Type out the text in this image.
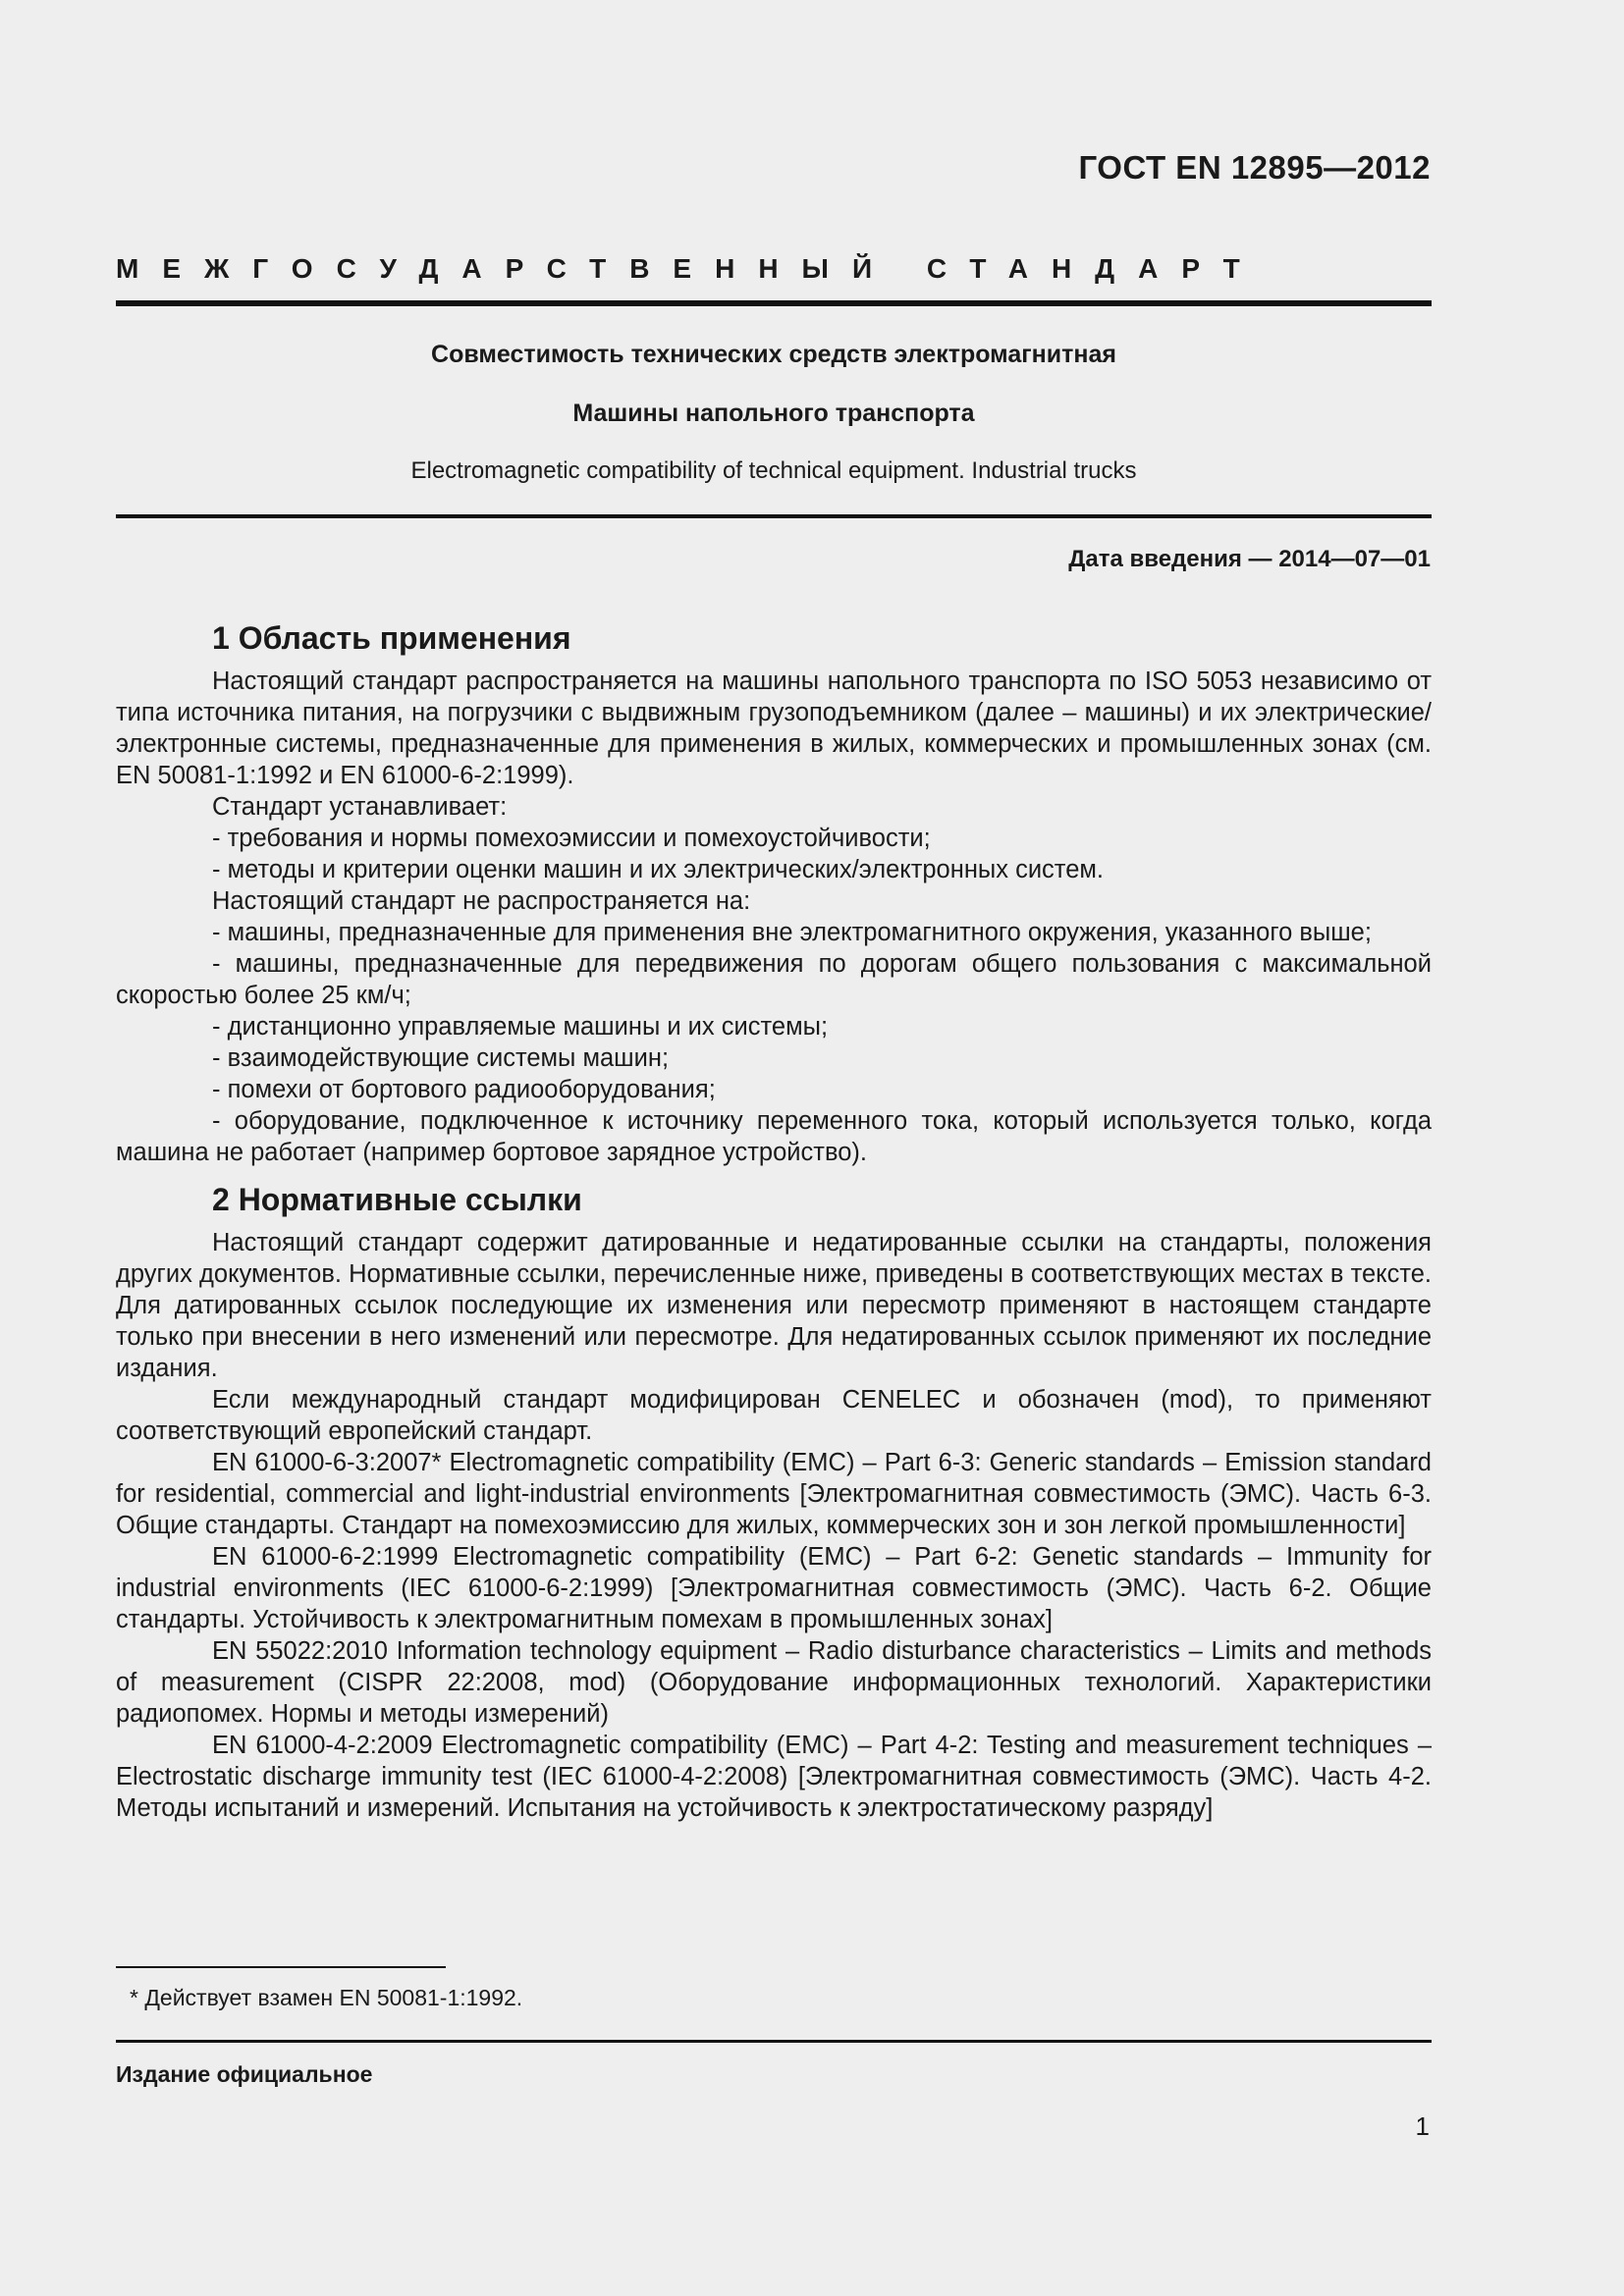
ГОСТ EN 12895—2012
МЕЖГОСУДАРСТВЕННЫЙ СТАНДАРТ

Совместимость технических средств электромагнитная

Машины напольного транспорта

Electromagnetic compatibility of technical equipment. Industrial trucks
Дата введения — 2014—07—01
1 Область применения

Настоящий стандарт распространяется на машины напольного транспорта по ISO 5053 независимо от типа источника питания, на погрузчики с выдвижным грузоподъемником (далее – машины) и их электрические/электронные системы, предназначенные для применения в жилых, коммерческих и промышленных зонах (см. EN 50081-1:1992 и EN 61000-6-2:1999).

Стандарт устанавливает:

- требования и нормы помехоэмиссии и помехоустойчивости;

- методы и критерии оценки машин и их электрических/электронных систем.

Настоящий стандарт не распространяется на:

- машины, предназначенные для применения вне электромагнитного окружения, указанного выше;

- машины, предназначенные для передвижения по дорогам общего пользования с максимальной скоростью более 25 км/ч;

- дистанционно управляемые машины и их системы;

- взаимодействующие системы машин;

- помехи от бортового радиооборудования;

- оборудование, подключенное к источнику переменного тока, который используется только, когда машина не работает (например бортовое зарядное устройство).

2 Нормативные ссылки

Настоящий стандарт содержит датированные и недатированные ссылки на стандарты, положения других документов. Нормативные ссылки, перечисленные ниже, приведены в соответствующих местах в тексте. Для датированных ссылок последующие их изменения или пересмотр применяют в настоящем стандарте только при внесении в него изменений или пересмотре. Для недатированных ссылок применяют их последние издания.

Если международный стандарт модифицирован CENELEC и обозначен (mod), то применяют соответствующий европейский стандарт.

EN 61000-6-3:2007* Electromagnetic compatibility (EMC) – Part 6-3: Generic standards – Emission standard for residential, commercial and light-industrial environments [Электромагнитная совместимость (ЭМС). Часть 6-3. Общие стандарты. Стандарт на помехоэмиссию для жилых, коммерческих зон и зон легкой промышленности]

EN 61000-6-2:1999 Electromagnetic compatibility (EMC) – Part 6-2: Genetic standards – Immunity for industrial environments (IEC 61000-6-2:1999) [Электромагнитная совместимость (ЭМС). Часть 6-2. Общие стандарты. Устойчивость к электромагнитным помехам в промышленных зонах]

EN 55022:2010 Information technology equipment – Radio disturbance characteristics – Limits and methods of measurement (CISPR 22:2008, mod) (Оборудование информационных технологий. Характеристики радиопомех. Нормы и методы измерений)

EN 61000-4-2:2009 Electromagnetic compatibility (EMC) – Part 4-2: Testing and measurement techniques – Electrostatic discharge immunity test (IEC 61000-4-2:2008) [Электромагнитная совместимость (ЭМС). Часть 4-2. Методы испытаний и измерений. Испытания на устойчивость к электростатическому разряду]

* Действует взамен EN 50081-1:1992.
Издание официальное
1
